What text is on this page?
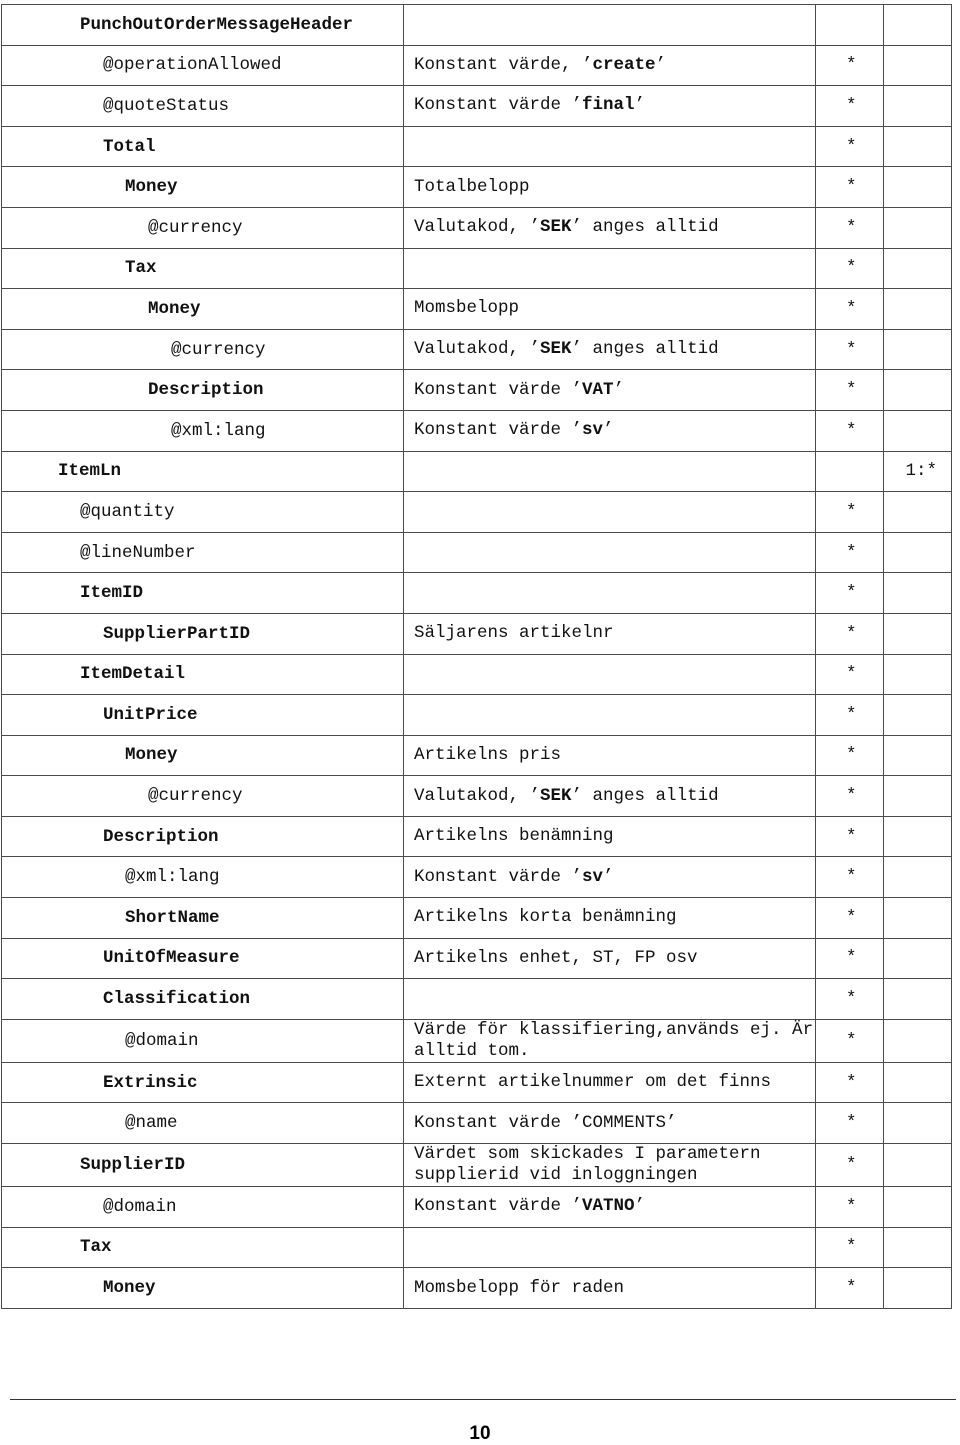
PunchOutOrderMessageHeader			
@operationAllowed	Konstant värde, ’create’	*	
@quoteStatus	Konstant värde ’final’	*	
Total		*	
Money	Totalbelopp	*	
@currency	Valutakod, ’SEK’ anges alltid	*	
Tax		*	
Money	Momsbelopp	*	
@currency	Valutakod, ’SEK’ anges alltid	*	
Description	Konstant värde ’VAT’	*	
@xml:lang	Konstant värde ’sv’	*	
ItemLn			1:*
@quantity		*	
@lineNumber		*	
ItemID		*	
SupplierPartID	Säljarens artikelnr	*	
ItemDetail		*	
UnitPrice		*	
Money	Artikelns pris	*	
@currency	Valutakod, ’SEK’ anges alltid	*	
Description	Artikelns benämning	*	
@xml:lang	Konstant värde ’sv’	*	
ShortName	Artikelns korta benämning	*	
UnitOfMeasure	Artikelns enhet, ST, FP osv	*	
Classification		*	
@domain	Värde för klassifiering,används ej. Är alltid tom.	*	
Extrinsic	Externt artikelnummer om det finns	*	
@name	Konstant värde ’COMMENTS’	*	
SupplierID	Värdet som skickades I parametern supplierid vid inloggningen	*	
@domain	Konstant värde ’VATNO’	*	
Tax		*	
Money	Momsbelopp för raden	*	
10
